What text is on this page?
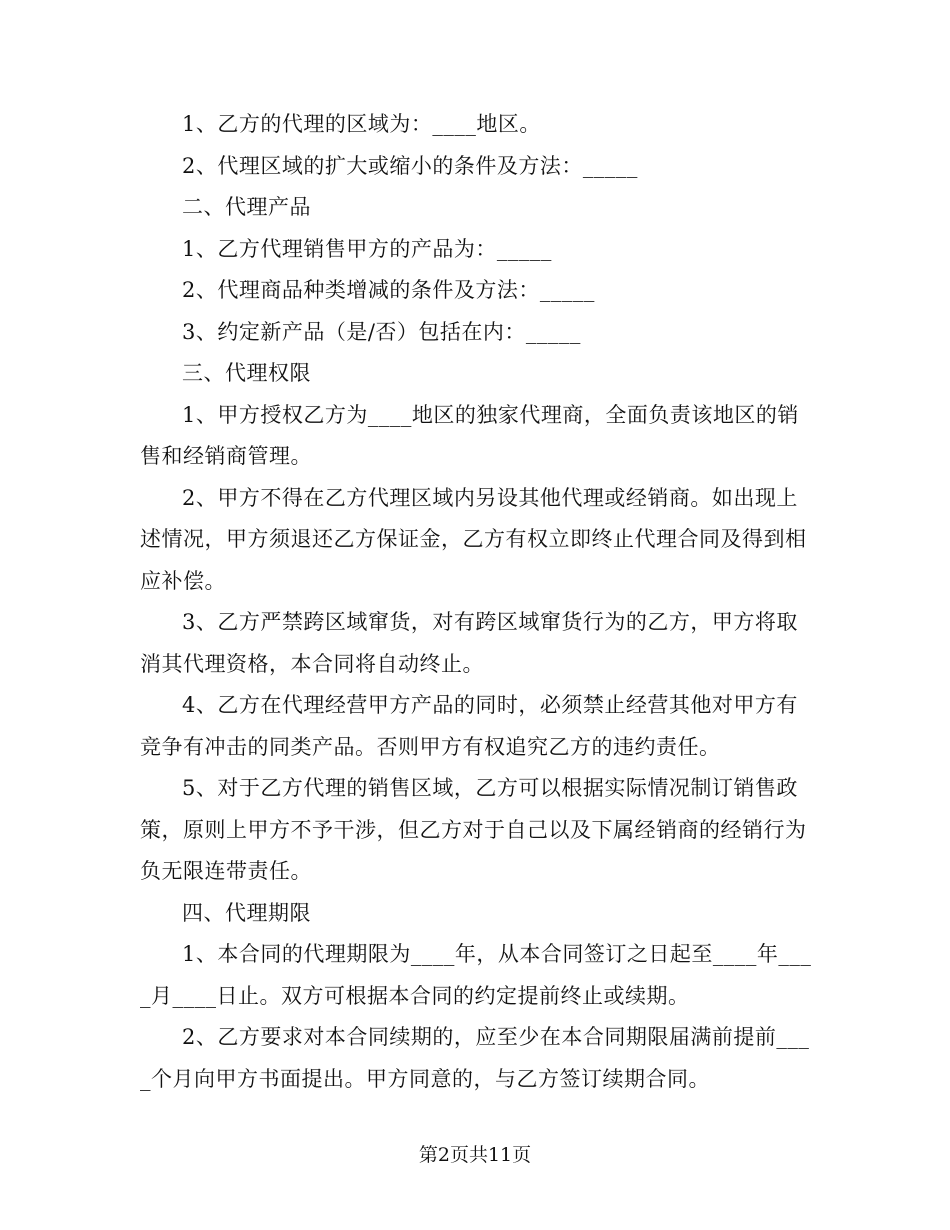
1、乙方的代理的区域为：____地区。

2、代理区域的扩大或缩小的条件及方法：_____

二、代理产品

1、乙方代理销售甲方的产品为：_____

2、代理商品种类增减的条件及方法：_____

3、约定新产品（是/否）包括在内：_____

三、代理权限

1、甲方授权乙方为____地区的独家代理商，全面负责该地区的销售和经销商管理。

2、甲方不得在乙方代理区域内另设其他代理或经销商。如出现上述情况，甲方须退还乙方保证金，乙方有权立即终止代理合同及得到相应补偿。

3、乙方严禁跨区域窜货，对有跨区域窜货行为的乙方，甲方将取消其代理资格，本合同将自动终止。

4、乙方在代理经营甲方产品的同时，必须禁止经营其他对甲方有竞争有冲击的同类产品。否则甲方有权追究乙方的违约责任。

5、对于乙方代理的销售区域，乙方可以根据实际情况制订销售政策，原则上甲方不予干涉，但乙方对于自己以及下属经销商的经销行为负无限连带责任。

四、代理期限

1、本合同的代理期限为____年，从本合同签订之日起至____年____月____日止。双方可根据本合同的约定提前终止或续期。

2、乙方要求对本合同续期的，应至少在本合同期限届满前提前____个月向甲方书面提出。甲方同意的，与乙方签订续期合同。

第2页共11页
